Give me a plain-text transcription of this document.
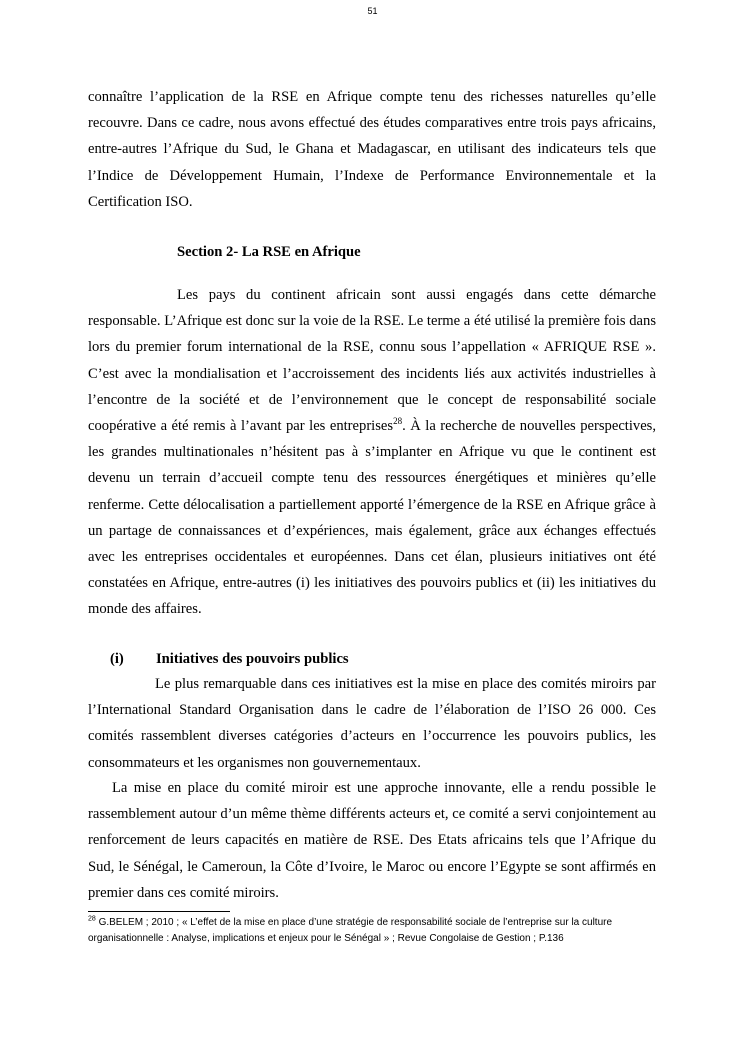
51

connaître l’application de la RSE en Afrique compte tenu des richesses naturelles qu’elle recouvre. Dans ce cadre, nous avons effectué des études comparatives entre trois pays africains, entre-autres l’Afrique du Sud, le Ghana et Madagascar, en utilisant des indicateurs tels que l’Indice de Développement Humain, l’Indexe de Performance Environnementale et la Certification ISO.

Section 2- La RSE en Afrique

Les pays du continent africain sont aussi engagés dans cette démarche responsable. L’Afrique est donc sur la voie de la RSE. Le terme a été utilisé la première fois dans lors du premier forum international de la RSE, connu sous l’appellation « AFRIQUE RSE ». C’est avec la mondialisation et l’accroissement des incidents liés aux activités industrielles à l’encontre de la société et de l’environnement que le concept de responsabilité sociale coopérative a été remis à l’avant par les entreprises$^{28}$. À la recherche de nouvelles perspectives, les grandes multinationales n’hésitent pas à s’implanter en Afrique vu que le continent est devenu un terrain d’accueil compte tenu des ressources énergétiques et minières qu’elle renferme. Cette délocalisation a partiellement apporté l’émergence de la RSE en Afrique grâce à un partage de connaissances et d’expériences, mais également, grâce aux échanges effectués avec les entreprises occidentales et européennes. Dans cet élan, plusieurs initiatives ont été constatées en Afrique, entre-autres (i) les initiatives des pouvoirs publics et (ii) les initiatives du monde des affaires.

(i) Initiatives des pouvoirs publics

Le plus remarquable dans ces initiatives est la mise en place des comités miroirs par l’International Standard Organisation dans le cadre de l’élaboration de l’ISO 26 000. Ces comités rassemblent diverses catégories d’acteurs en l’occurrence les pouvoirs publics, les consommateurs et les organismes non gouvernementaux.

La mise en place du comité miroir est une approche innovante, elle a rendu possible le rassemblement autour d’un même thème différents acteurs et, ce comité a servi conjointement au renforcement de leurs capacités en matière de RSE. Des Etats africains tels que l’Afrique du Sud, le Sénégal, le Cameroun, la Côte d’Ivoire, le Maroc ou encore l’Egypte se sont affirmés en premier dans ces comité miroirs.

$^{28}$ G.BELEM ; 2010 ; « L’effet de la mise en place d’une stratégie de responsabilité sociale de l’entreprise sur la culture organisationnelle : Analyse, implications et enjeux pour le Sénégal » ; Revue Congolaise de Gestion ; P.136
